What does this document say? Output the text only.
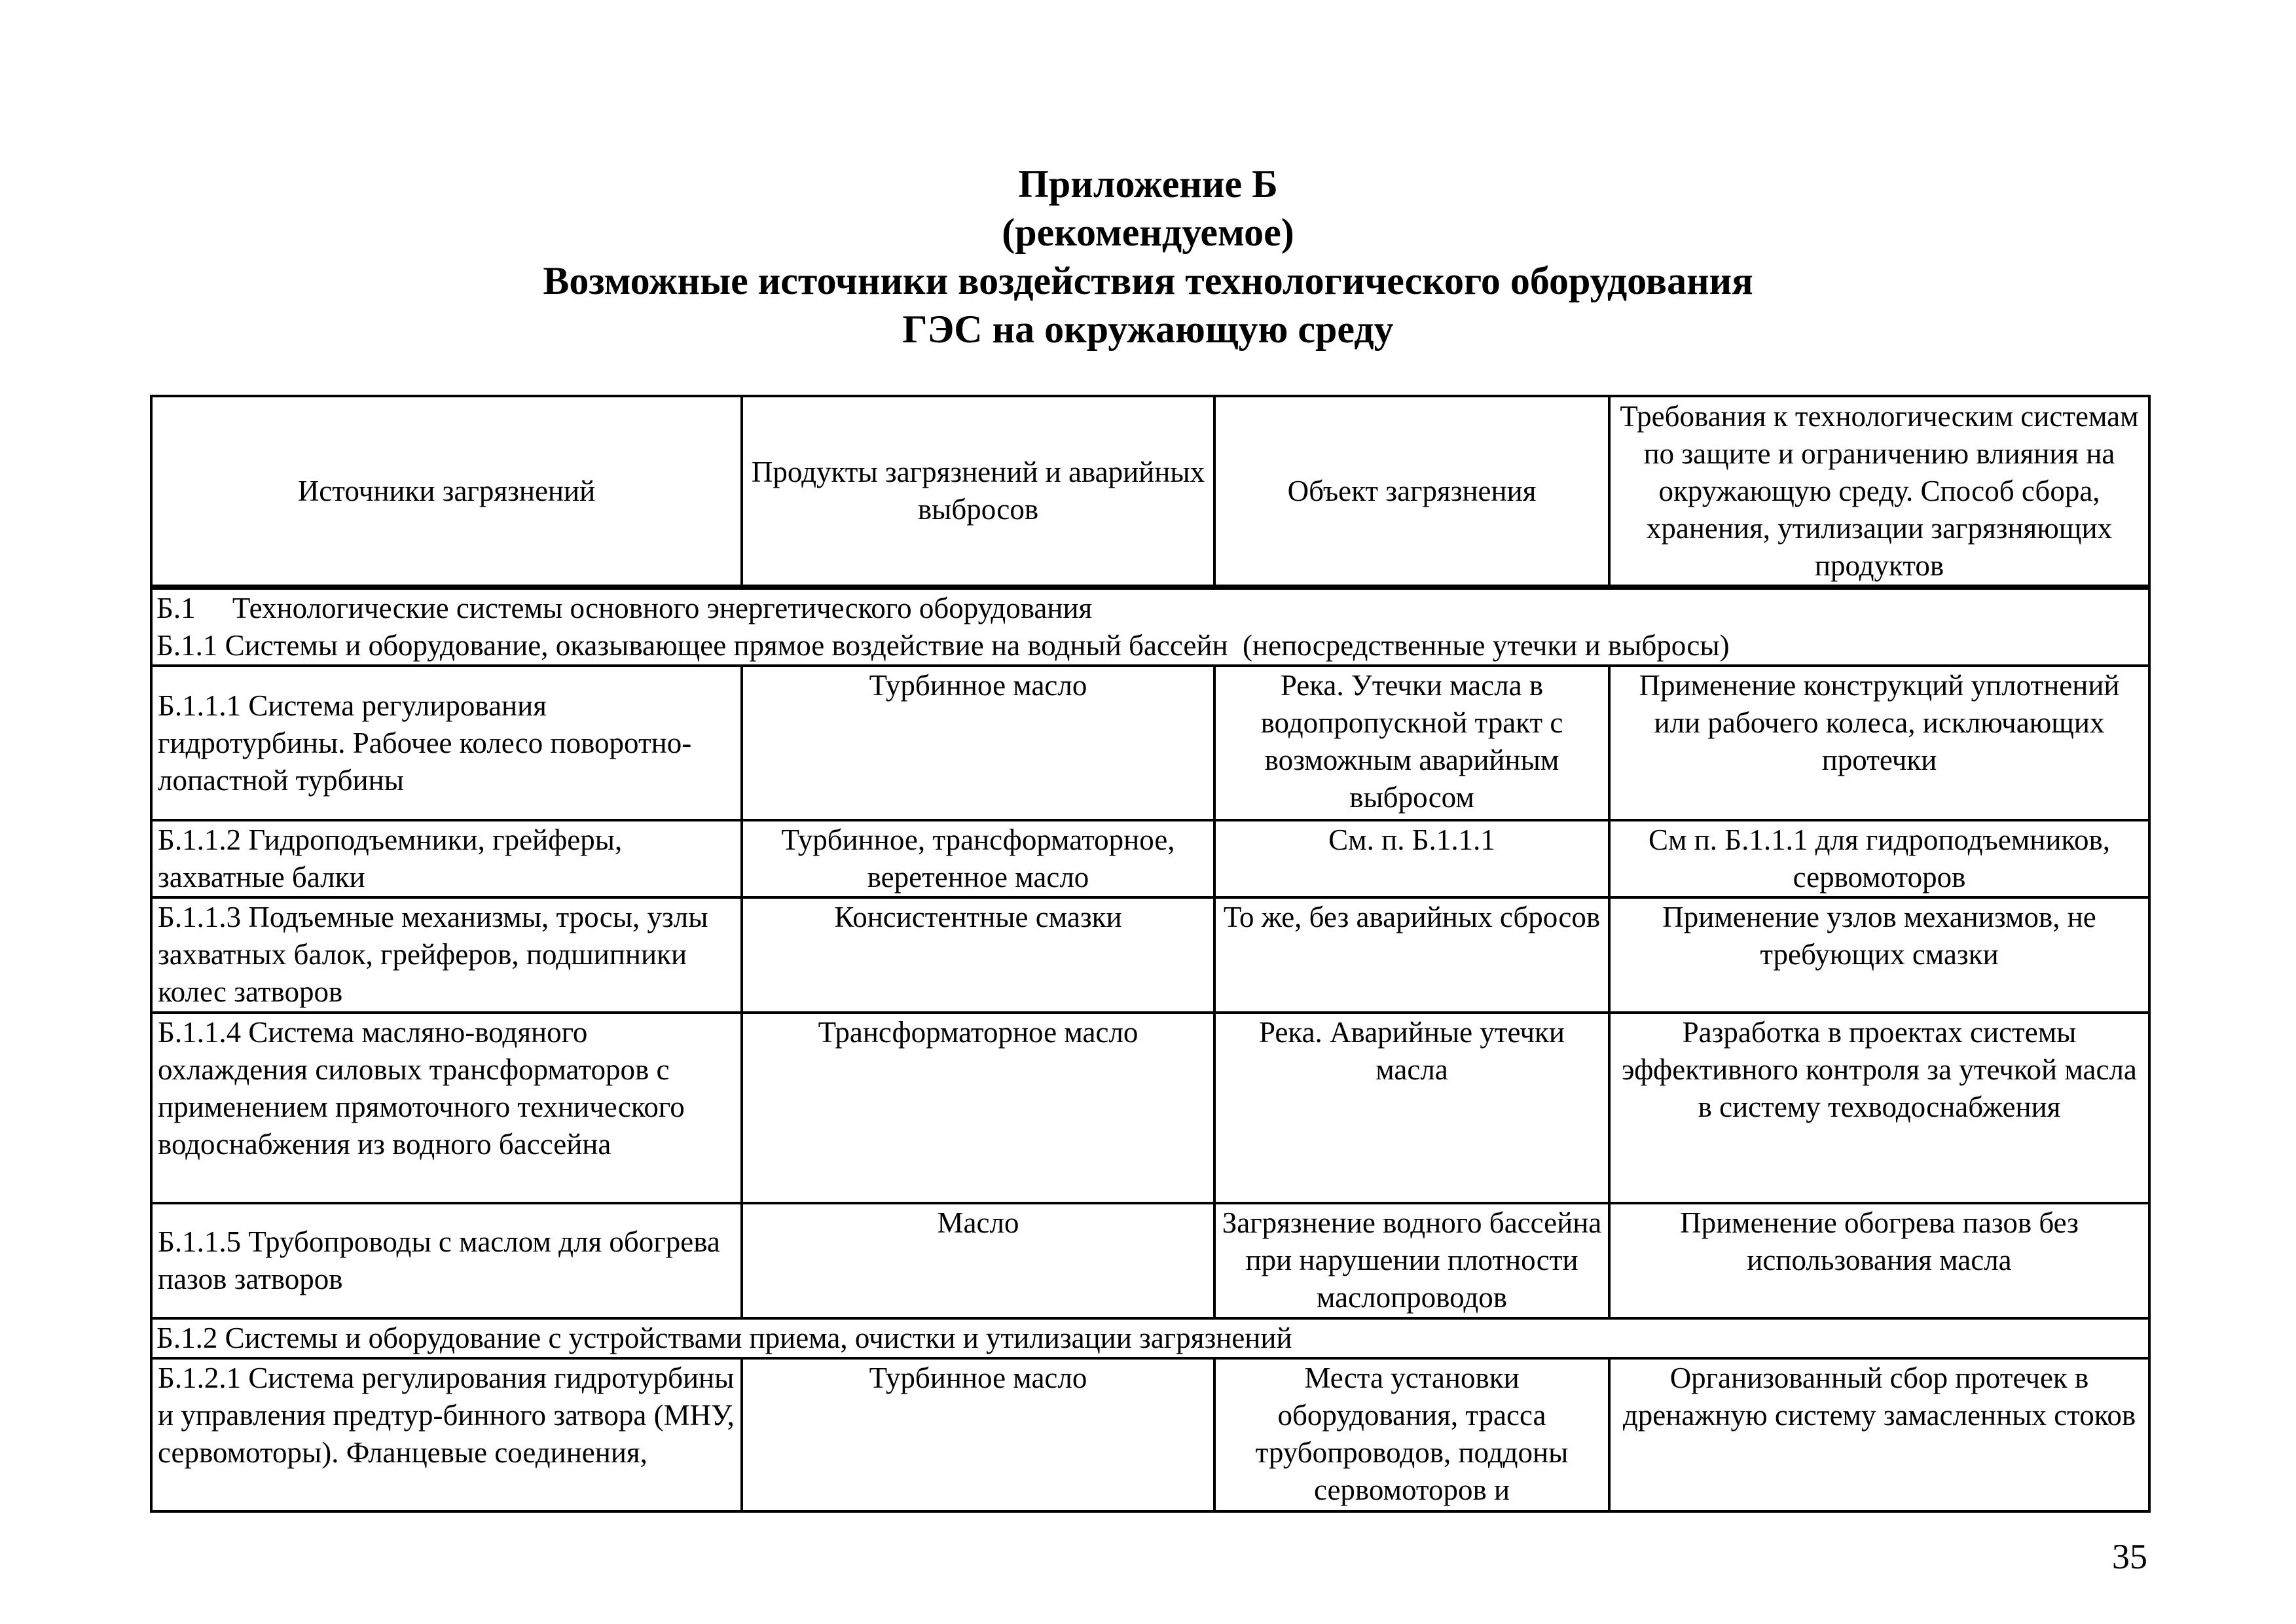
Приложение Б
(рекомендуемое)
Возможные источники воздействия технологического оборудования
ГЭС на окружающую среду
Источники загрязнений	Продукты загрязнений и аварийных выбросов	Объект загрязнения	Требования к технологическим системам по защите и ограничению влияния на окружающую среду. Способ сбора, хранения, утилизации загрязняющих продуктов
Б.1     Технологические системы основного энергетического оборудования			
Б.1.1 Системы и оборудование, оказывающее прямое воздействие на водный бассейн  (непосредственные утечки и выбросы)			
Б.1.1.1 Система регулирования гидротурбины. Рабочее колесо поворотно-лопастной турбины	Турбинное масло	Река. Утечки масла в водопропускной тракт с возможным аварийным выбросом	Применение конструкций уплотнений или рабочего колеса, исключающих протечки
Б.1.1.2 Гидроподъемники, грейферы, захватные балки	Турбинное, трансформаторное, веретенное масло	См. п. Б.1.1.1	См п. Б.1.1.1 для гидроподъемников, сервомоторов
Б.1.1.3 Подъемные механизмы, тросы, узлы захватных балок, грейферов, подшипники колес затворов	Консистентные смазки	То же, без аварийных сбросов	Применение узлов механизмов, не требующих смазки
Б.1.1.4 Система масляно-водяного охлаждения силовых трансформаторов с применением прямоточного технического водоснабжения из водного бассейна	Трансформаторное масло	Река. Аварийные утечки масла	Разработка в проектах системы эффективного контроля за утечкой масла в систему техводоснабжения
Б.1.1.5 Трубопроводы с маслом для обогрева пазов затворов	Масло	Загрязнение водного бассейна при нарушении плотности маслопроводов	Применение обогрева пазов без использования масла
Б.1.2 Системы и оборудование с устройствами приема, очистки и утилизации загрязнений			
Б.1.2.1 Система регулирования гидротурбины и управления предтур-бинного затвора (МНУ, сервомоторы). Фланцевые соединения,	Турбинное масло	Места установки оборудования, трасса трубопроводов, поддоны сервомоторов и	Организованный сбор протечек в дренажную систему замасленных стоков
35
